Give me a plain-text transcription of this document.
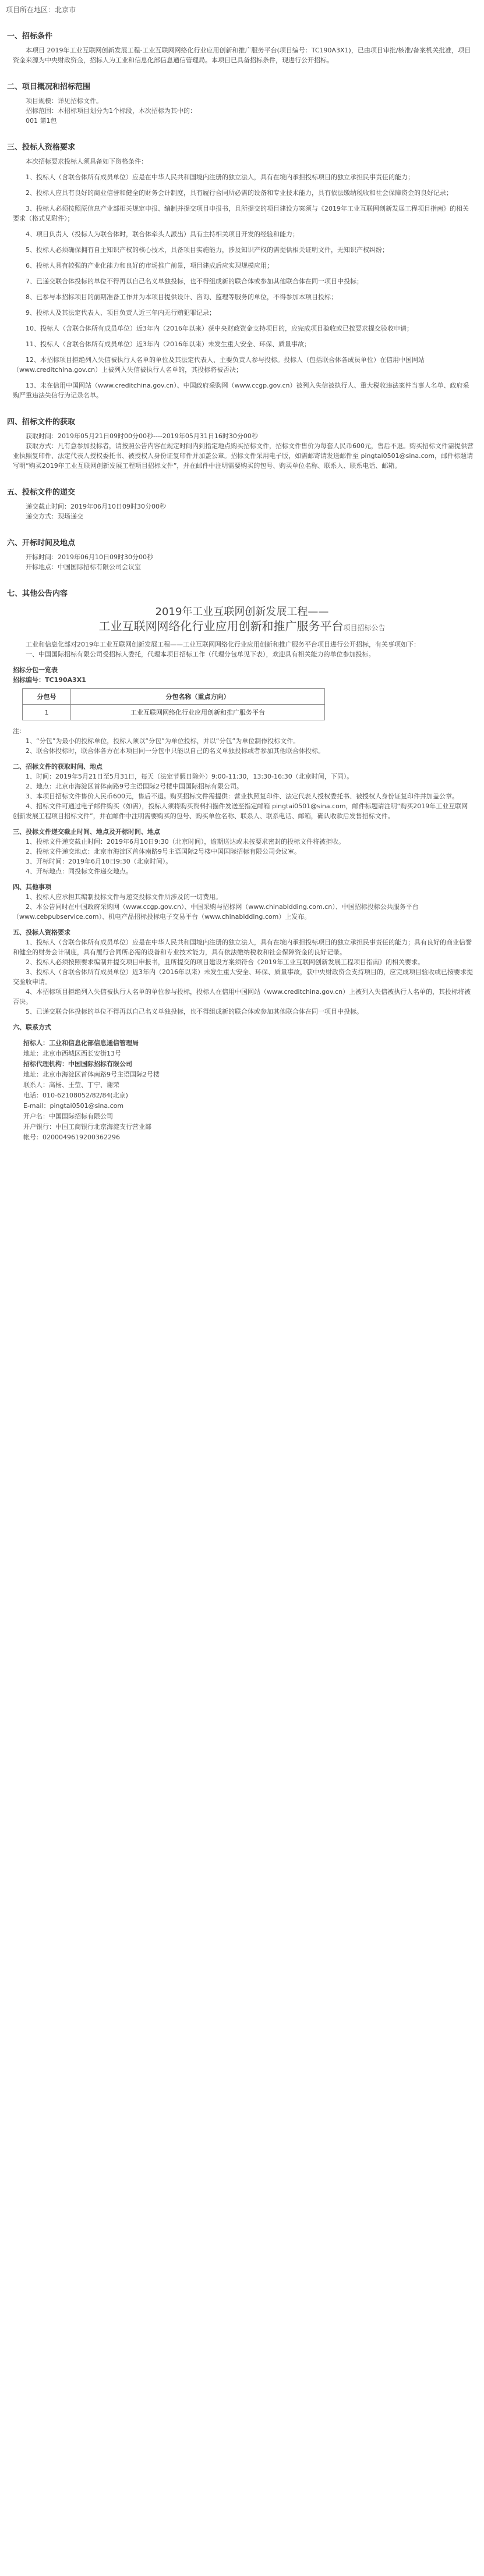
项目所在地区：北京市
一、招标条件
本项目 2019年工业互联网创新发展工程-工业互联网网络化行业应用创新和推广服务平台(项目编号：TC190A3X1)，已由项目审批/核准/备案机关批准，项目资金来源为中央财政资金，招标人为工业和信息化部信息通信管理局。本项目已具备招标条件，现进行公开招标。
二、项目概况和招标范围
项目规模：详见招标文件。
招标范围：本招标项目划分为1个标段，本次招标为其中的：
001 第1包
三、投标人资格要求
本次招标要求投标人须具备如下资格条件：
1、投标人（含联合体所有成员单位）应是在中华人民共和国境内注册的独立法人，具有在境内承担投标项目的独立承担民事责任的能力；
2、投标人应具有良好的商业信誉和健全的财务会计制度，具有履行合同所必需的设备和专业技术能力，具有依法缴纳税收和社会保障资金的良好记录；
3、投标人必须按照原信息产业部相关规定申报、编制并提交项目申报书，且所提交的项目建设方案须与《2019年工业互联网创新发展工程项目指南》的相关要求（格式见附件）；
4、项目负责人（投标人为联合体时，联合体牵头人派出）具有主持相关项目开发的经验和能力；
5、投标人必须确保拥有自主知识产权的核心技术，具备项目实施能力，涉及知识产权的需提供相关证明文件，无知识产权纠纷；
6、投标人具有较强的产业化能力和良好的市场推广前景，项目建成后应实现规模应用；
7、已递交联合体投标的单位不得再以自己名义单独投标，也不得组成新的联合体或参加其他联合体在同一项目中投标；
8、已参与本招标项目的前期准备工作并为本项目提供设计、咨询、监理等服务的单位，不得参加本项目投标；
9、投标人及其法定代表人、项目负责人近三年内无行贿犯罪记录；
10、投标人（含联合体所有成员单位）近3年内（2016年以来）获中央财政资金支持项目的，应完成项目验收或已按要求提交验收申请；
11、投标人（含联合体所有成员单位）近3年内（2016年以来）未发生重大安全、环保、质量事故；
12、本招标项目拒绝列入失信被执行人名单的单位及其法定代表人、主要负责人参与投标。投标人（包括联合体各成员单位）在信用中国网站（www.creditchina.gov.cn）上被列入失信被执行人名单的，其投标将被否决；
13、未在信用中国网站（www.creditchina.gov.cn）、中国政府采购网（www.ccgp.gov.cn）被列入失信被执行人、重大税收违法案件当事人名单、政府采购严重违法失信行为记录名单。
四、招标文件的获取
获取时间：2019年05月21日09时00分00秒----2019年05月31日16时30分00秒
获取方式：凡有意参加投标者，请按照公告内容在规定时间内到指定地点购买招标文件，招标文件售价为每套人民币600元，售后不退。购买招标文件需提供营业执照复印件、法定代表人授权委托书、被授权人身份证复印件并加盖公章。招标文件采用电子版，如需邮寄请发送邮件至 pingtai0501@sina.com，邮件标题请写明“购买2019年工业互联网创新发展工程项目招标文件”，并在邮件中注明需要购买的包号、购买单位名称、联系人、联系电话、邮箱。
五、投标文件的递交
递交截止时间：2019年06月10日09时30分00秒
递交方式：现场递交
六、开标时间及地点
开标时间：2019年06月10日09时30分00秒
开标地点：中国国际招标有限公司会议室
七、其他公告内容
2019年工业互联网创新发展工程——
工业互联网网络化行业应用创新和推广服务平台项目招标公告
工业和信息化部对2019年工业互联网创新发展工程——工业互联网网络化行业应用创新和推广服务平台项目进行公开招标，有关事项如下：
一、中国国际招标有限公司受招标人委托，代理本项目招标工作（代理分包单见下表），欢迎具有相关能力的单位参加投标。
招标分包一览表
招标编号：TC190A3X1
分包号	分包名称（重点方向）
1	工业互联网网络化行业应用创新和推广服务平台
注：
1、“分包”为最小的投标单位，投标人须以“分包”为单位投标，并以“分包”为单位制作投标文件。
2、联合体投标时，联合体各方在本项目同一分包中只能以自己的名义单独投标或者参加其他联合体投标。
二、招标文件的获取时间、地点
1、时间：2019年5月21日至5月31日，每天（法定节假日除外）9:00-11:30，13:30-16:30（北京时间，下同）。
2、地点：北京市海淀区首体南路9号主语国际2号楼中国国际招标有限公司。
3、本项目招标文件售价人民币600元，售后不退。购买招标文件需提供：营业执照复印件、法定代表人授权委托书、被授权人身份证复印件并加盖公章。
4、招标文件可通过电子邮件购买（如需），投标人须将购买资料扫描件发送至指定邮箱 pingtai0501@sina.com，邮件标题请注明“购买2019年工业互联网创新发展工程项目招标文件”，并在邮件中注明需要购买的包号、购买单位名称、联系人、联系电话、邮箱，确认收款后发售招标文件。
三、投标文件递交截止时间、地点及开标时间、地点
1、投标文件递交截止时间：2019年6月10日9:30（北京时间），逾期送达或未按要求密封的投标文件将被拒收。
2、投标文件递交地点：北京市海淀区首体南路9号主语国际2号楼中国国际招标有限公司会议室。
3、开标时间：2019年6月10日9:30（北京时间）。
4、开标地点：同投标文件递交地点。
四、其他事项
1、投标人应承担其编制投标文件与递交投标文件所涉及的一切费用。
2、本公告同时在中国政府采购网（www.ccgp.gov.cn）、中国采购与招标网（www.chinabidding.com.cn）、中国招标投标公共服务平台（www.cebpubservice.com）、机电产品招标投标电子交易平台（www.chinabidding.com）上发布。
五、投标人资格要求
1、投标人（含联合体所有成员单位）应是在中华人民共和国境内注册的独立法人，具有在境内承担投标项目的独立承担民事责任的能力；具有良好的商业信誉和健全的财务会计制度，具有履行合同所必需的设备和专业技术能力，具有依法缴纳税收和社会保障资金的良好记录。
2、投标人必须按照要求编制并提交项目申报书，且所提交的项目建设方案须符合《2019年工业互联网创新发展工程项目指南》的相关要求。
3、投标人（含联合体所有成员单位）近3年内（2016年以来）未发生重大安全、环保、质量事故，获中央财政资金支持项目的，应完成项目验收或已按要求提交验收申请。
4、本招标项目拒绝列入失信被执行人名单的单位参与投标，投标人在信用中国网站（www.creditchina.gov.cn）上被列入失信被执行人名单的，其投标将被否决。
5、已递交联合体投标的单位不得再以自己名义单独投标，也不得组成新的联合体或参加其他联合体在同一项目中投标。
六、联系方式
招标人：工业和信息化部信息通信管理局
地址：北京市西城区西长安街13号
招标代理机构：中国国际招标有限公司
地址：北京市海淀区首体南路9号主语国际2号楼
联系人：高杨、王莹、丁宁、谢荣
电话：010-62108052/82/84(北京)
E-mail：pingtai0501@sina.com
开户名：中国国际招标有限公司
开户银行：中国工商银行北京海淀支行营业部
帐号：0200049619200362296
